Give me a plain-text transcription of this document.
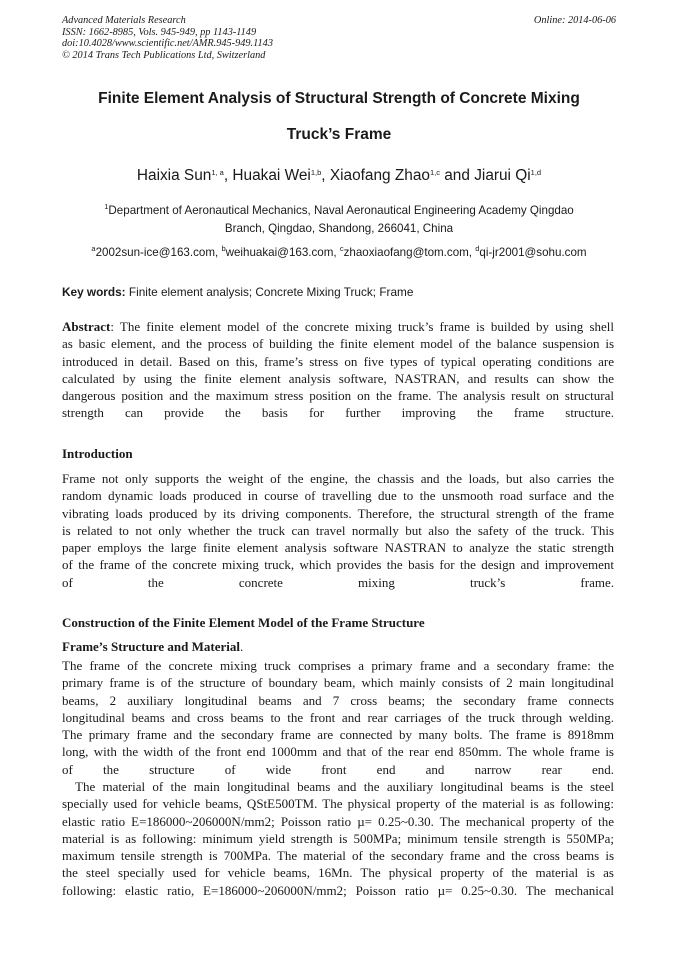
Advanced Materials Research
ISSN: 1662-8985, Vols. 945-949, pp 1143-1149
doi:10.4028/www.scientific.net/AMR.945-949.1143
© 2014 Trans Tech Publications Ltd, Switzerland
Online: 2014-06-06
Finite Element Analysis of Structural Strength of Concrete Mixing
Truck’s Frame
Haixia Sun$^{1, a}$, Huakai Wei$^{1,b}$, Xiaofang Zhao$^{1,c}$ and Jiarui Qi$^{1,d}$
$^1$Department of Aeronautical Mechanics, Naval Aeronautical Engineering Academy Qingdao
Branch, Qingdao, Shandong, 266041, China
$^a$2002sun-ice@163.com, $^b$weihuakai@163.com, $^c$zhaoxiaofang@tom.com, $^d$qi-jr2001@sohu.com
Key words: Finite element analysis; Concrete Mixing Truck; Frame
Abstract: The finite element model of the concrete mixing truck’s frame is builded by using shell
as basic element, and the process of building the finite element model of the balance suspension is
introduced in detail. Based on this, frame’s stress on five types of typical operating conditions are
calculated by using the finite element analysis software, NASTRAN, and results can show the
dangerous position and the maximum stress position on the frame. The analysis result on structural
strength can provide the basis for further improving the frame structure.
Introduction
Frame not only supports the weight of the engine, the chassis and the loads, but also carries the
random dynamic loads produced in course of travelling due to the unsmooth road surface and the
vibrating loads produced by its driving components. Therefore, the structural strength of the frame
is related to not only whether the truck can travel normally but also the safety of the truck. This
paper employs the large finite element analysis software NASTRAN to analyze the static strength
of the frame of the concrete mixing truck, which provides the basis for the design and improvement
of the concrete mixing truck’s frame.
Construction of the Finite Element Model of the Frame Structure
Frame’s Structure and Material.
The frame of the concrete mixing truck comprises a primary frame and a secondary frame: the
primary frame is of the structure of boundary beam, which mainly consists of 2 main longitudinal
beams, 2 auxiliary longitudinal beams and 7 cross beams; the secondary frame connects
longitudinal beams and cross beams to the front and rear carriages of the truck through welding.
The primary frame and the secondary frame are connected by many bolts. The frame is 8918mm
long, with the width of the front end 1000mm and that of the rear end 850mm. The whole frame is
of the structure of wide front end and narrow rear end.
The material of the main longitudinal beams and the auxiliary longitudinal beams is the steel
specially used for vehicle beams, QStE500TM. The physical property of the material is as following:
elastic ratio E=186000~206000N/mm2; Poisson ratio µ= 0.25~0.30. The mechanical property of the
material is as following: minimum yield strength is 500MPa; minimum tensile strength is 550MPa;
maximum tensile strength is 700MPa. The material of the secondary frame and the cross beams is
the steel specially used for vehicle beams, 16Mn. The physical property of the material is as
following: elastic ratio, E=186000~206000N/mm2; Poisson ratio µ= 0.25~0.30. The mechanical
